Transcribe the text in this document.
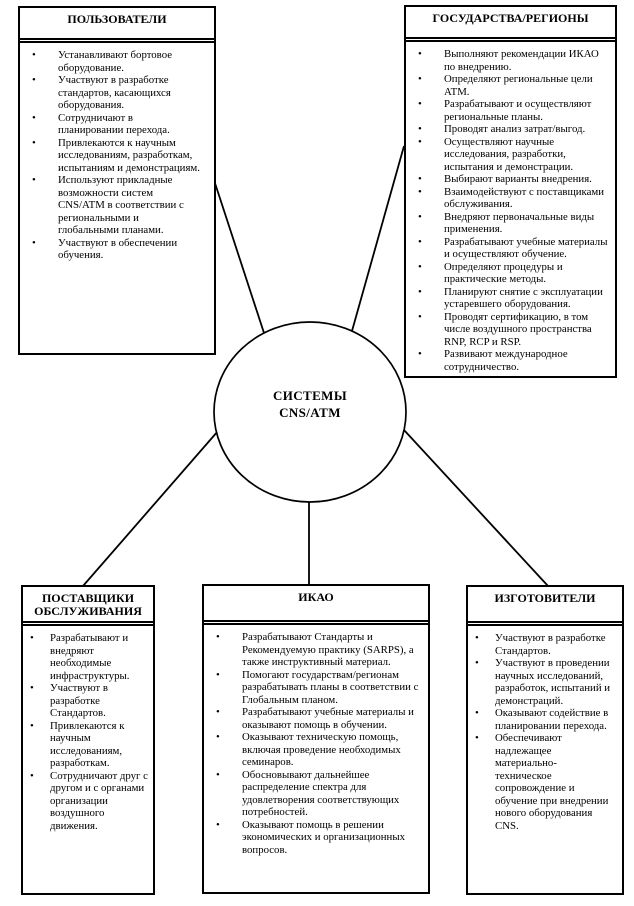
СИСТЕМЫ
CNS/ATM
ПОЛЬЗОВАТЕЛИ
•	Устанавливают бортовое оборудование.
•	Участвуют в разработке стандартов, касающихся оборудования.
•	Сотрудничают в планировании перехода.
•	Привлекаются к научным исследованиям, разработкам, испытаниям и демонстрациям.
•	Используют прикладные возможности систем CNS/ATM в соответствии с региональными и глобальными планами.
•	Участвуют в обеспечении обучения.
ГОСУДАРСТВА/РЕГИОНЫ
•	Выполняют рекомендации ИКАО по внедрению.
•	Определяют региональные цели ATM.
•	Разрабатывают и осуществляют региональные планы.
•	Проводят анализ затрат/выгод.
•	Осуществляют научные исследования, разработки, испытания и демонстрации.
•	Выбирают варианты внедрения.
•	Взаимодействуют с поставщиками обслуживания.
•	Внедряют первоначальные виды применения.
•	Разрабатывают учебные материалы и осуществляют обучение.
•	Определяют процедуры и практические методы.
•	Планируют снятие с эксплуатации устаревшего оборудования.
•	Проводят сертификацию, в том числе воздушного пространства RNP, RCP и RSP.
•	Развивают международное сотрудничество.
ПОСТАВЩИКИ ОБСЛУЖИВАНИЯ
•	Разрабатывают и внедряют необходимые инфраструктуры.
•	Участвуют в разработке Стандартов.
•	Привлекаются к научным исследованиям, разработкам.
•	Сотрудничают друг с другом и с органами организации воздушного движения.
ИКАО
•	Разрабатывают Стандарты и Рекомендуемую практику (SARPS), а также инструктивный материал.
•	Помогают государствам/регионам разрабатывать планы в соответствии с Глобальным планом.
•	Разрабатывают учебные материалы и оказывают помощь в обучении.
•	Оказывают техническую помощь, включая проведение необходимых семинаров.
•	Обосновывают дальнейшее распределение спектра для удовлетворения соответствующих потребностей.
•	Оказывают помощь в решении экономических и организационных вопросов.
ИЗГОТОВИТЕЛИ
•	Участвуют в разработке Стандартов.
•	Участвуют в проведении научных исследований, разработок, испытаний и демонстраций.
•	Оказывают содействие в планировании перехода.
•	Обеспечивают надлежащее материально-техническое сопровождение и обучение при внедрении нового оборудования CNS.
